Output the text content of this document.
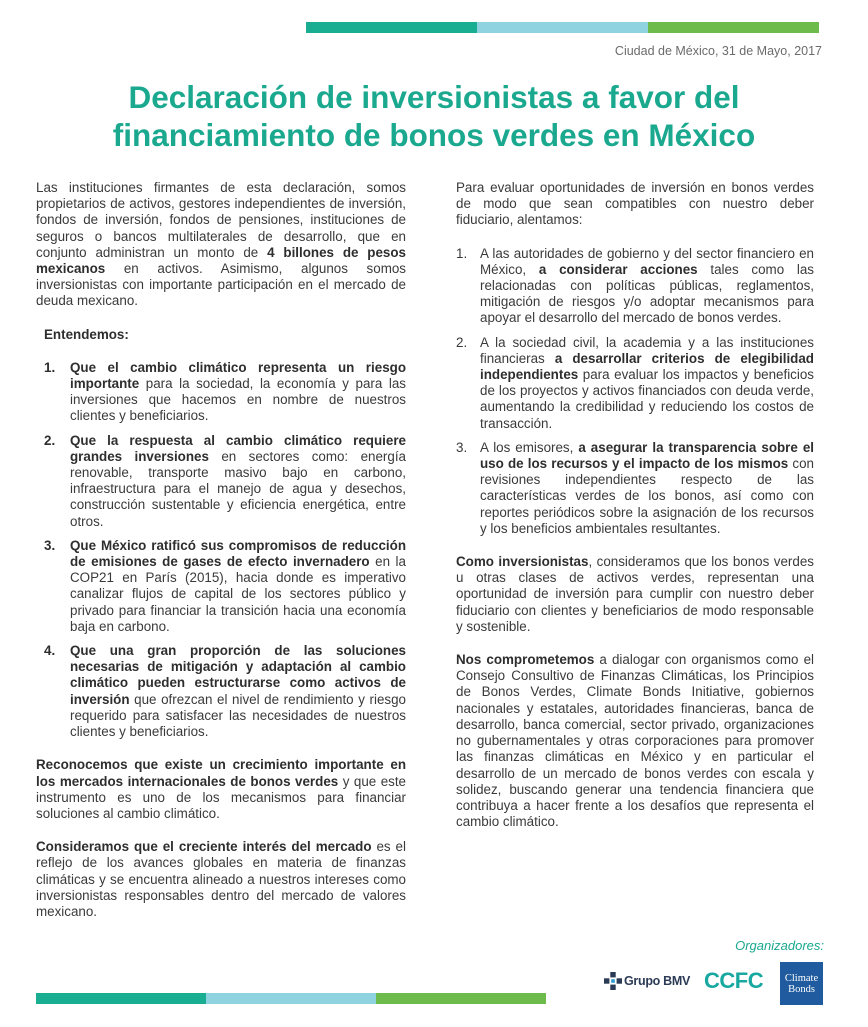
Ciudad de México, 31 de Mayo, 2017
Declaración de inversionistas a favor del
financiamiento de bonos verdes en México

Las instituciones firmantes de esta declaración, somos propietarios de activos, gestores independientes de inversión, fondos de inversión, fondos de pensiones, instituciones de seguros o bancos multilaterales de desarrollo, que en conjunto administran un monto de 4 billones de pesos mexicanos en activos. Asimismo, algunos somos inversionistas con importante participación en el mercado de deuda mexicano.

Entendemos:
1.	Que el cambio climático representa un riesgo importante para la sociedad, la economía y para las inversiones que hacemos en nombre de nuestros clientes y beneficiarios.
2.	Que la respuesta al cambio climático requiere grandes inversiones en sectores como: energía renovable, transporte masivo bajo en carbono, infraestructura para el manejo de agua y desechos, construcción sustentable y eficiencia energética, entre otros.
3.	Que México ratificó sus compromisos de reducción de emisiones de gases de efecto invernadero en la COP21 en París (2015), hacia donde es imperativo canalizar flujos de capital de los sectores público y privado para financiar la transición hacia una economía baja en carbono.
4.	Que una gran proporción de las soluciones necesarias de mitigación y adaptación al cambio climático pueden estructurarse como activos de inversión que ofrezcan el nivel de rendimiento y riesgo requerido para satisfacer las necesidades de nuestros clientes y beneficiarios.

Reconocemos que existe un crecimiento importante en los mercados internacionales de bonos verdes y que este instrumento es uno de los mecanismos para financiar soluciones al cambio climático.

Consideramos que el creciente interés del mercado es el reflejo de los avances globales en materia de finanzas climáticas y se encuentra alineado a nuestros intereses como inversionistas responsables dentro del mercado de valores mexicano.

Para evaluar oportunidades de inversión en bonos verdes de modo que sean compatibles con nuestro deber fiduciario, alentamos:

1. A las autoridades de gobierno y del sector financiero en México, a considerar acciones tales como las relacionadas con políticas públicas, reglamentos, mitigación de riesgos y/o adoptar mecanismos para apoyar el desarrollo del mercado de bonos verdes.
2. A la sociedad civil, la academia y a las instituciones financieras a desarrollar criterios de elegibilidad independientes para evaluar los impactos y beneficios de los proyectos y activos financiados con deuda verde, aumentando la credibilidad y reduciendo los costos de transacción.
3. A los emisores, a asegurar la transparencia sobre el uso de los recursos y el impacto de los mismos con revisiones independientes respecto de las características verdes de los bonos, así como con reportes periódicos sobre la asignación de los recursos y los beneficios ambientales resultantes.

Como inversionistas, consideramos que los bonos verdes u otras clases de activos verdes, representan una oportunidad de inversión para cumplir con nuestro deber fiduciario con clientes y beneficiarios de modo responsable y sostenible.

Nos comprometemos a dialogar con organismos como el Consejo Consultivo de Finanzas Climáticas, los Principios de Bonos Verdes, Climate Bonds Initiative, gobiernos nacionales y estatales, autoridades financieras, banca de desarrollo, banca comercial, sector privado, organizaciones no gubernamentales y otras corporaciones para promover las finanzas climáticas en México y en particular el desarrollo de un mercado de bonos verdes con escala y solidez, buscando generar una tendencia financiera que contribuya a hacer frente a los desafíos que representa el cambio climático.

Organizadores:
Grupo BMV CCFC Climate
Bonds
